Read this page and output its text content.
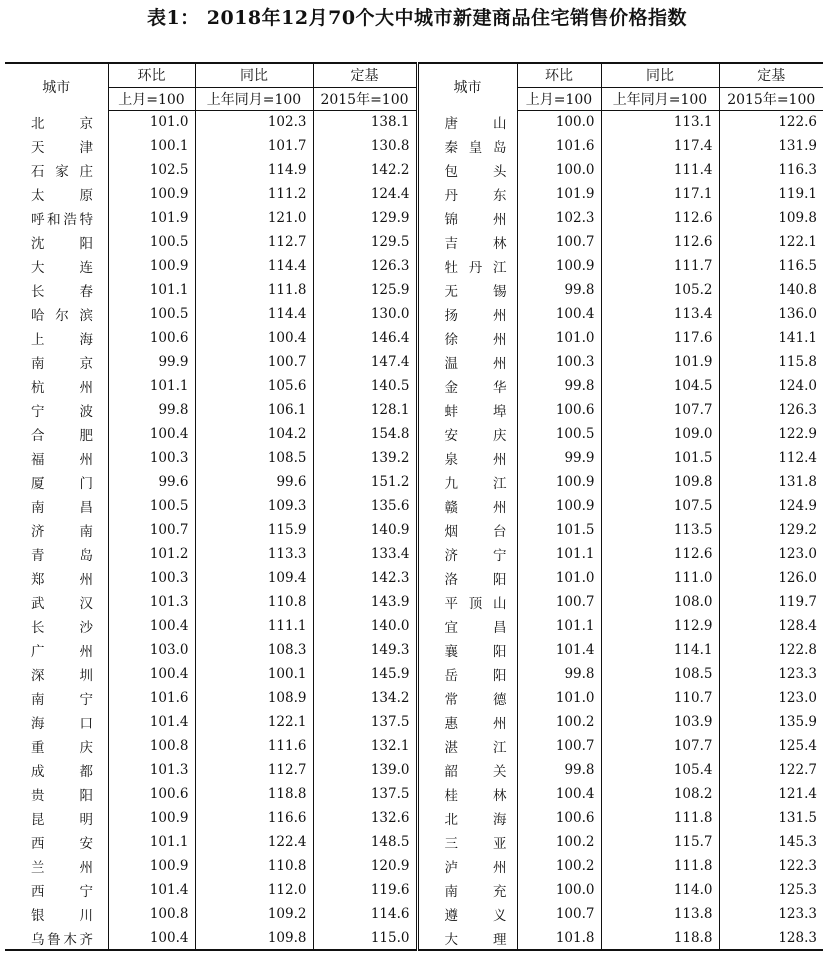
表1： 2018年12月70个大中城市新建商品住宅销售价格指数
城市	环比	同比	定基	城市	环比	同比	定基
	上月=100	上年同月=100	2015年=100		上月=100	上年同月=100	2015年=100

北京	101.0	102.3	138.1	唐山	100.0	113.1	122.6

天津	100.1	101.7	130.8	秦皇岛	101.6	117.4	131.9

石家庄	102.5	114.9	142.2	包头	100.0	111.4	116.3

太原	100.9	111.2	124.4	丹东	101.9	117.1	119.1

呼和浩特	101.9	121.0	129.9	锦州	102.3	112.6	109.8

沈阳	100.5	112.7	129.5	吉林	100.7	112.6	122.1

大连	100.9	114.4	126.3	牡丹江	100.9	111.7	116.5

长春	101.1	111.8	125.9	无锡	99.8	105.2	140.8

哈尔滨	100.5	114.4	130.0	扬州	100.4	113.4	136.0

上海	100.6	100.4	146.4	徐州	101.0	117.6	141.1

南京	99.9	100.7	147.4	温州	100.3	101.9	115.8

杭州	101.1	105.6	140.5	金华	99.8	104.5	124.0

宁波	99.8	106.1	128.1	蚌埠	100.6	107.7	126.3

合肥	100.4	104.2	154.8	安庆	100.5	109.0	122.9

福州	100.3	108.5	139.2	泉州	99.9	101.5	112.4

厦门	99.6	99.6	151.2	九江	100.9	109.8	131.8

南昌	100.5	109.3	135.6	赣州	100.9	107.5	124.9

济南	100.7	115.9	140.9	烟台	101.5	113.5	129.2

青岛	101.2	113.3	133.4	济宁	101.1	112.6	123.0

郑州	100.3	109.4	142.3	洛阳	101.0	111.0	126.0

武汉	101.3	110.8	143.9	平顶山	100.7	108.0	119.7

长沙	100.4	111.1	140.0	宜昌	101.1	112.9	128.4

广州	103.0	108.3	149.3	襄阳	101.4	114.1	122.8

深圳	100.4	100.1	145.9	岳阳	99.8	108.5	123.3

南宁	101.6	108.9	134.2	常德	101.0	110.7	123.0

海口	101.4	122.1	137.5	惠州	100.2	103.9	135.9

重庆	100.8	111.6	132.1	湛江	100.7	107.7	125.4

成都	101.3	112.7	139.0	韶关	99.8	105.4	122.7

贵阳	100.6	118.8	137.5	桂林	100.4	108.2	121.4

昆明	100.9	116.6	132.6	北海	100.6	111.8	131.5

西安	101.1	122.4	148.5	三亚	100.2	115.7	145.3

兰州	100.9	110.8	120.9	泸州	100.2	111.8	122.3

西宁	101.4	112.0	119.6	南充	100.0	114.0	125.3

银川	100.8	109.2	114.6	遵义	100.7	113.8	123.3

乌鲁木齐	100.4	109.8	115.0	大理	101.8	118.8	128.3
